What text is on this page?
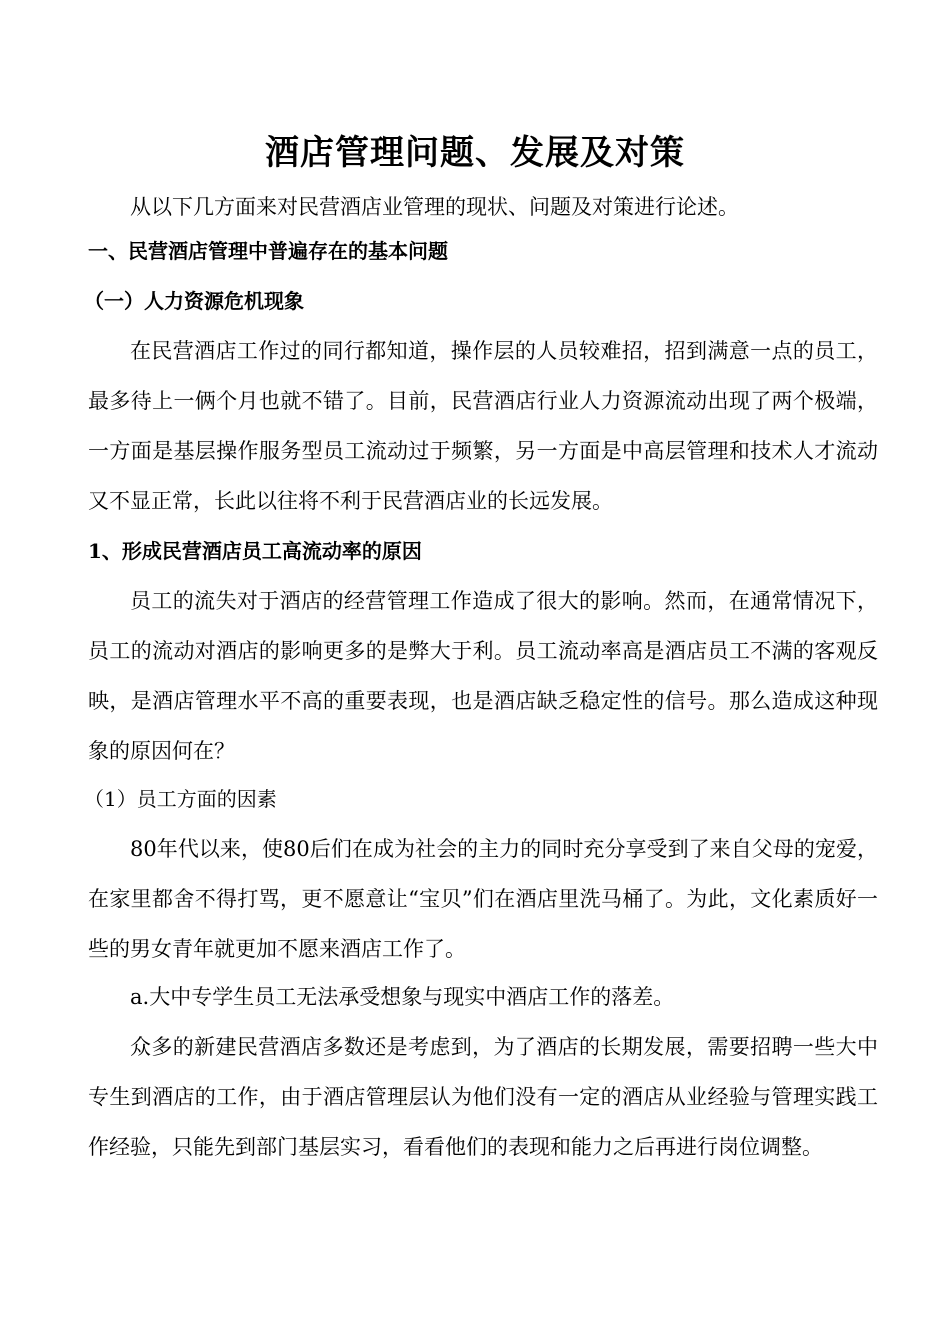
酒店管理问题、发展及对策

从以下几方面来对民营酒店业管理的现状、问题及对策进行论述。

一、民营酒店管理中普遍存在的基本问题

（一）人力资源危机现象

在民营酒店工作过的同行都知道，操作层的人员较难招，招到满意一点的员工，最多待上一俩个月也就不错了。目前，民营酒店行业人力资源流动出现了两个极端，一方面是基层操作服务型员工流动过于频繁，另一方面是中高层管理和技术人才流动又不显正常，长此以往将不利于民营酒店业的长远发展。

1、形成民营酒店员工高流动率的原因

员工的流失对于酒店的经营管理工作造成了很大的影响。然而，在通常情况下，员工的流动对酒店的影响更多的是弊大于利。员工流动率高是酒店员工不满的客观反映，是酒店管理水平不高的重要表现，也是酒店缺乏稳定性的信号。那么造成这种现象的原因何在？

（1）员工方面的因素

80年代以来，使80后们在成为社会的主力的同时充分享受到了来自父母的宠爱，在家里都舍不得打骂，更不愿意让“宝贝”们在酒店里洗马桶了。为此，文化素质好一些的男女青年就更加不愿来酒店工作了。

a.大中专学生员工无法承受想象与现实中酒店工作的落差。

众多的新建民营酒店多数还是考虑到，为了酒店的长期发展，需要招聘一些大中专生到酒店的工作，由于酒店管理层认为他们没有一定的酒店从业经验与管理实践工作经验，只能先到部门基层实习，看看他们的表现和能力之后再进行岗位调整。
